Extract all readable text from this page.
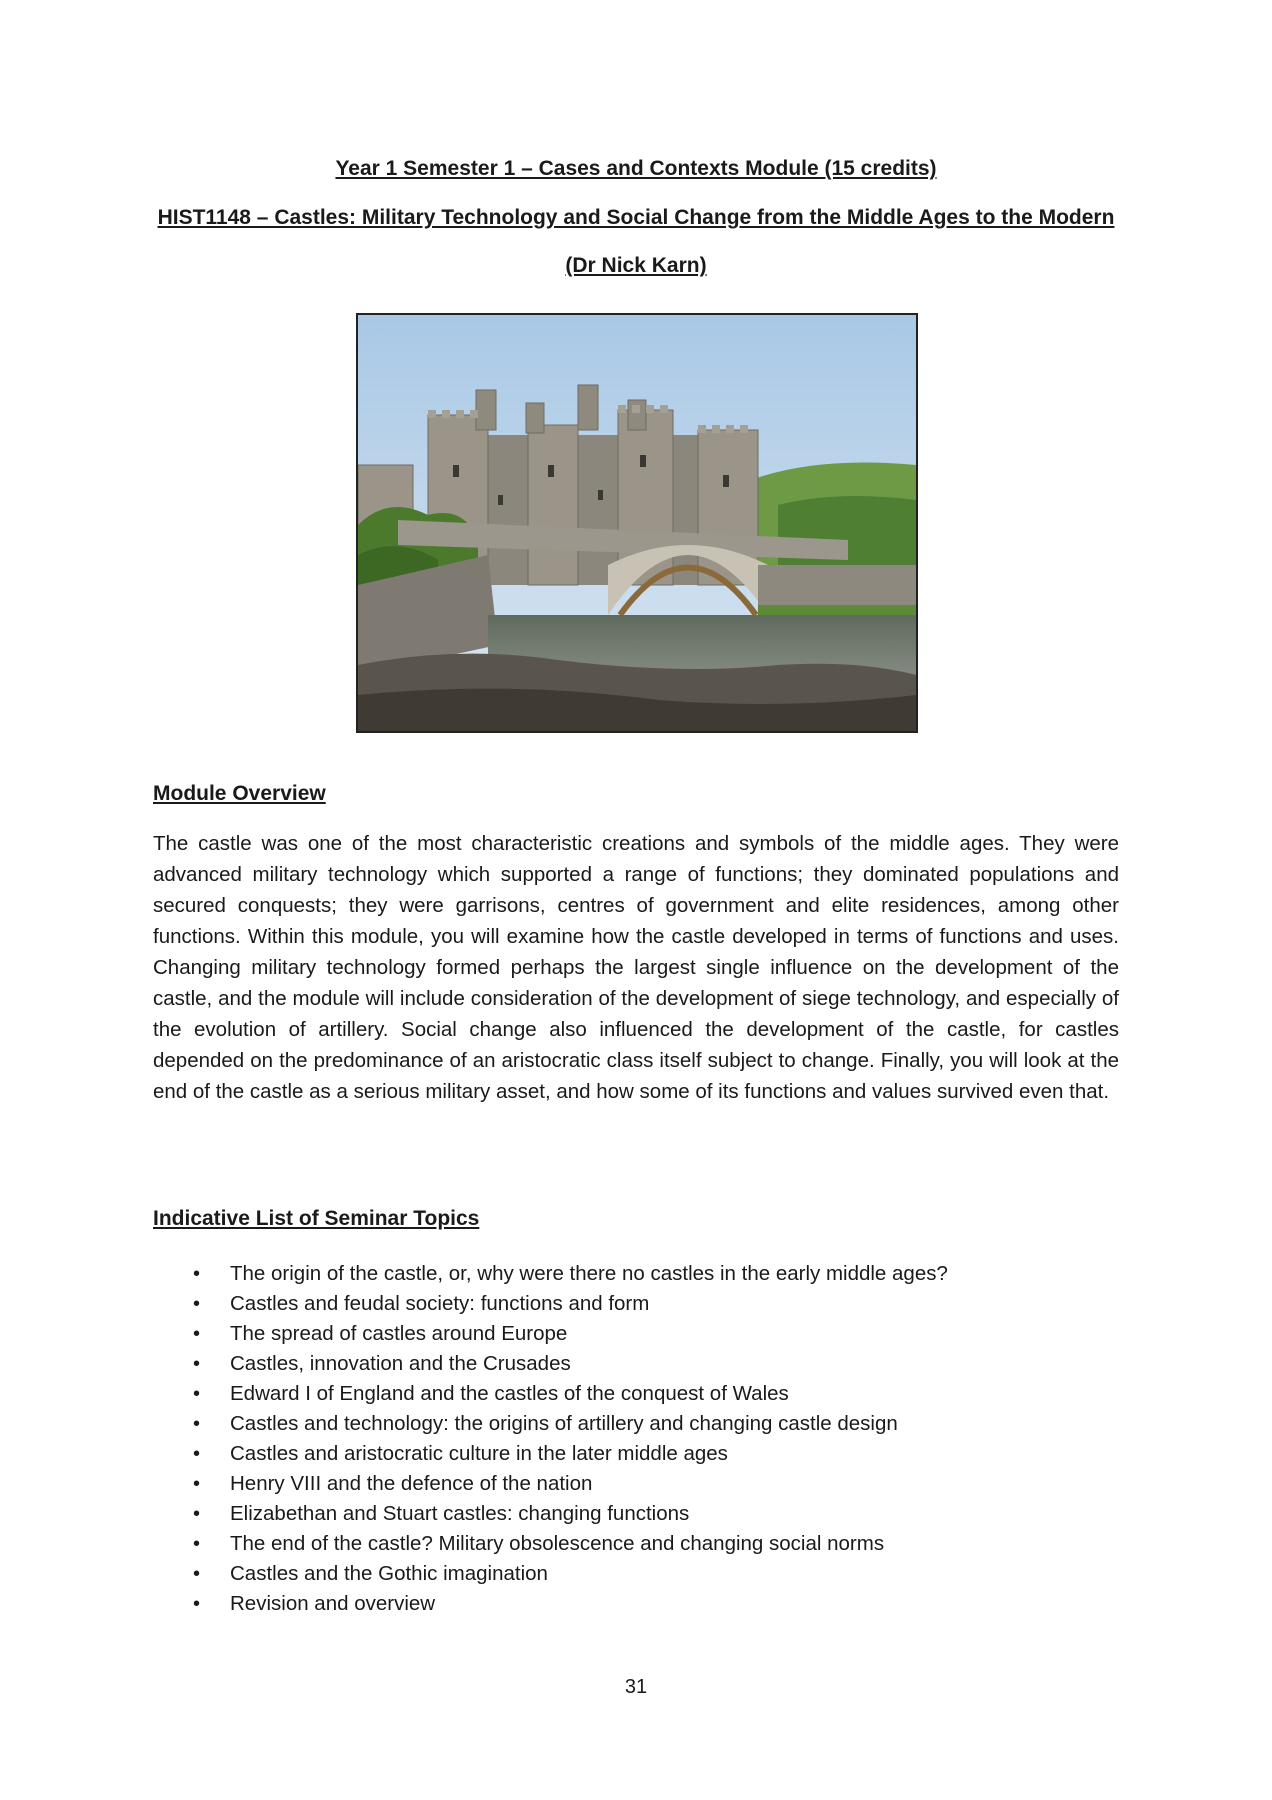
Year 1 Semester 1 – Cases and Contexts Module (15 credits)
HIST1148 – Castles: Military Technology and Social Change from the Middle Ages to the Modern
(Dr Nick Karn)
Module Overview
The castle was one of the most characteristic creations and symbols of the middle ages. They were advanced military technology which supported a range of functions; they dominated populations and secured conquests; they were garrisons, centres of government and elite residences, among other functions. Within this module, you will examine how the castle developed in terms of functions and uses. Changing military technology formed perhaps the largest single influence on the development of the castle, and the module will include consideration of the development of siege technology, and especially of the evolution of artillery. Social change also influenced the development of the castle, for castles depended on the predominance of an aristocratic class itself subject to change. Finally, you will look at the end of the castle as a serious military asset, and how some of its functions and values survived even that.
Indicative List of Seminar Topics
• The origin of the castle, or, why were there no castles in the early middle ages?
• Castles and feudal society: functions and form
• The spread of castles around Europe
• Castles, innovation and the Crusades
• Edward I of England and the castles of the conquest of Wales
• Castles and technology: the origins of artillery and changing castle design
• Castles and aristocratic culture in the later middle ages
• Henry VIII and the defence of the nation
• Elizabethan and Stuart castles: changing functions
• The end of the castle? Military obsolescence and changing social norms
• Castles and the Gothic imagination
• Revision and overview
31
